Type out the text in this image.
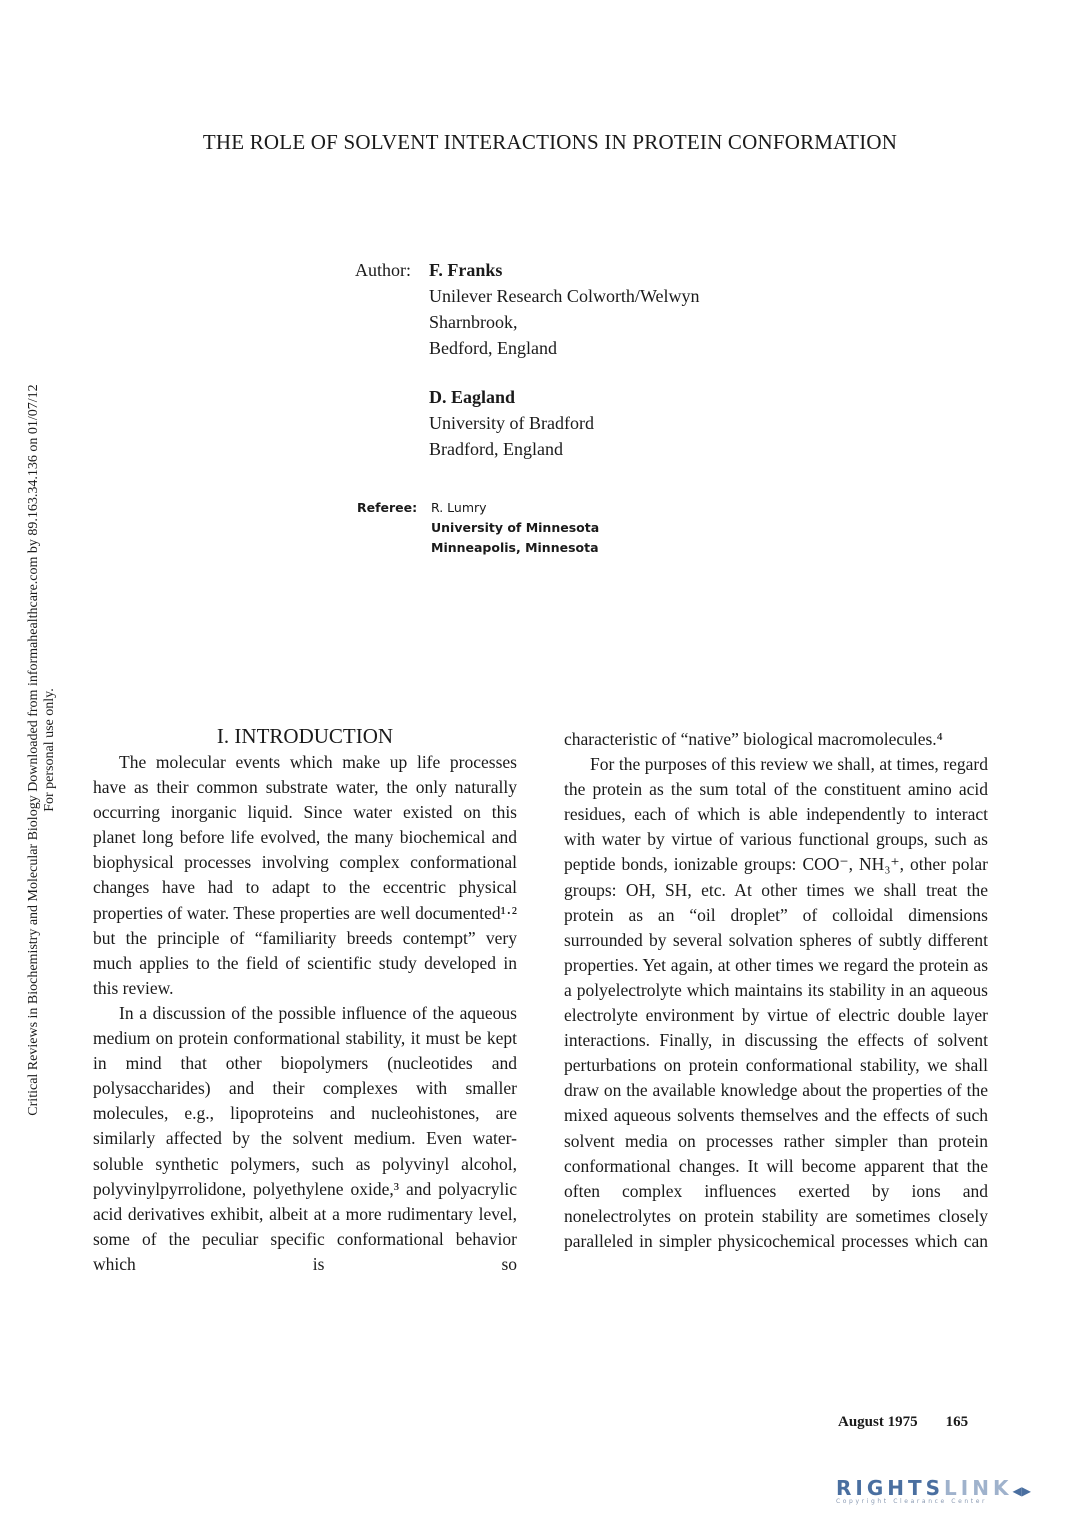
THE ROLE OF SOLVENT INTERACTIONS IN PROTEIN CONFORMATION
Author:	F. Franks
Unilever Research Colworth/Welwyn
Sharnbrook,
Bedford, England
D. Eagland
University of Bradford
Bradford, England
Referee:	R. Lumry
University of Minnesota
Minneapolis, Minnesota
Critical Reviews in Biochemistry and Molecular Biology Downloaded from informahealthcare.com by 89.163.34.136 on 01/07/12 For personal use only.	I. INTRODUCTION

The molecular events which make up life processes have as their common substrate water, the only naturally occurring inorganic liquid. Since water existed on this planet long before life evolved, the many biochemical and biophysical processes involving complex conformational changes have had to adapt to the eccentric physical properties of water. These properties are well documented¹·² but the principle of “familiarity breeds contempt” very much applies to the field of scientific study developed in this review.

In a discussion of the possible influence of the aqueous medium on protein conformational stability, it must be kept in mind that other biopolymers (nucleotides and polysaccharides) and their complexes with smaller molecules, e.g., lipoproteins and nucleohistones, are similarly affected by the solvent medium. Even water-soluble synthetic polymers, such as polyvinyl alcohol, polyvinylpyrrolidone, polyethylene oxide,³ and polyacrylic acid derivatives exhibit, albeit at a more rudimentary level, some of the peculiar specific conformational behavior which is so

characteristic of “native” biological macromolecules.⁴

For the purposes of this review we shall, at times, regard the protein as the sum total of the constituent amino acid residues, each of which is able independently to interact with water by virtue of various functional groups, such as peptide bonds, ionizable groups: COO⁻, NH₃⁺, other polar groups: OH, SH, etc. At other times we shall treat the protein as an “oil droplet” of colloidal dimensions surrounded by several solvation spheres of subtly different properties. Yet again, at other times we regard the protein as a polyelectrolyte which maintains its stability in an aqueous electrolyte environment by virtue of electric double layer interactions. Finally, in discussing the effects of solvent perturbations on protein conformational stability, we shall draw on the available knowledge about the properties of the mixed aqueous solvents themselves and the effects of such solvent media on processes rather simpler than protein conformational changes. It will become apparent that the often complex influences exerted by ions and nonelectrolytes on protein stability are sometimes closely paralleled in simpler physicochemical processes which can

August 1975 165
RIGHTSLINK◀▶
Copyright Clearance Center
